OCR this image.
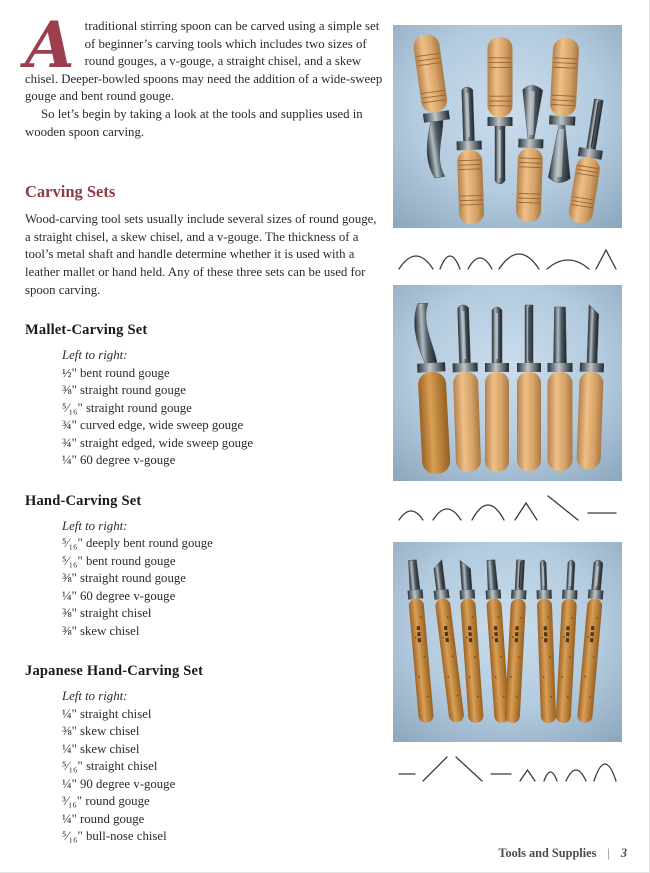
A traditional stirring spoon can be carved using a simple set of beginner’s carving tools which includes two sizes of round gouges, a v-gouge, a straight chisel, and a skew chisel. Deeper-bowled spoons may need the addition of a wide-sweep gouge and bent round gouge.

So let’s begin by taking a look at the tools and supplies used in wooden spoon carving.

Carving Sets

Wood-carving tool sets usually include several sizes of round gouge, a straight chisel, a skew chisel, and a v-gouge. The thickness of a tool’s metal shaft and handle determine whether it is used with a leather mallet or hand held. Any of these three sets can be used for spoon carving.

Mallet-Carving Set
Left to right:
½" bent round gouge
⅜" straight round gouge
⁵⁄₁₆" straight round gouge
¾" curved edge, wide sweep gouge
¾" straight edged, wide sweep gouge
¼" 60 degree v-gouge
Hand-Carving Set
Left to right:
⁵⁄₁₆" deeply bent round gouge
⁵⁄₁₆" bent round gouge
⅜" straight round gouge
¼" 60 degree v-gouge
⅜" straight chisel
⅜" skew chisel
Japanese Hand-Carving Set
Left to right:
¼" straight chisel
⅜" skew chisel
¼" skew chisel
⁵⁄₁₆" straight chisel
¼" 90 degree v-gouge
³⁄₁₆" round gouge
¼" round gouge
⁵⁄₁₆" bull-nose chisel
Tools and Supplies | 3
